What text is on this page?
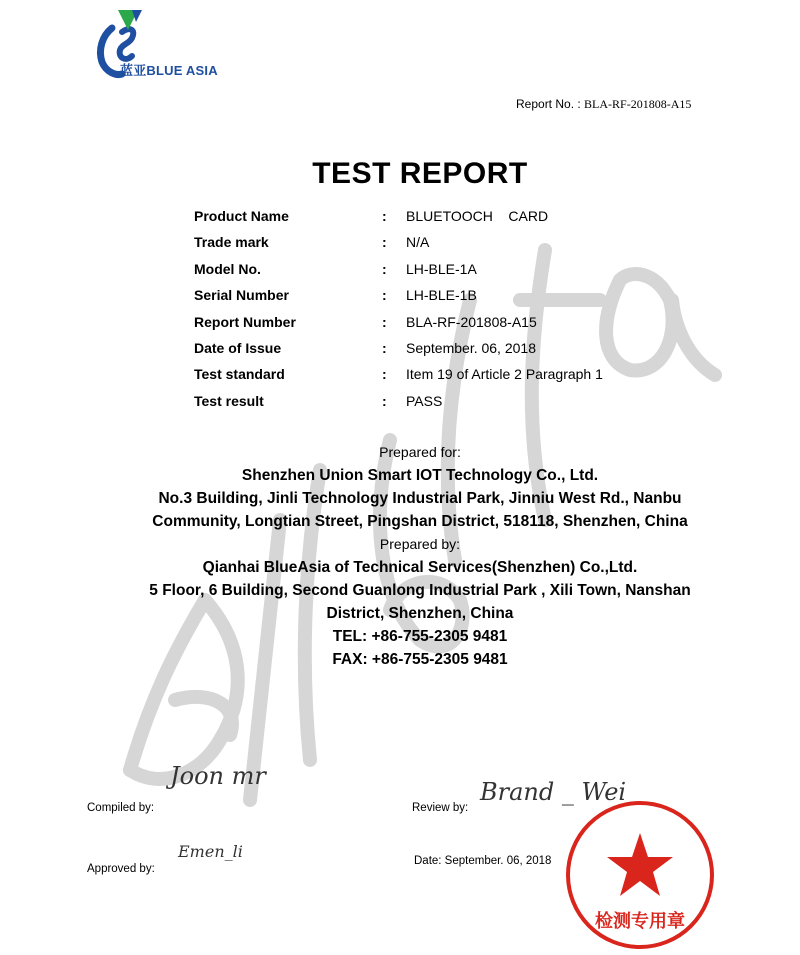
蓝亚BLUE ASIA
Report No. : BLA-RF-201808-A15
TEST REPORT
Product Name	: BLUETOOCH    CARD
Trade mark	: N/A
Model No.	: LH-BLE-1A
Serial Number	: LH-BLE-1B
Report Number	: BLA-RF-201808-A15
Date of Issue	: September. 06, 2018
Test standard	: Item 19 of Article 2 Paragraph 1
Test result	: PASS
Prepared for:
Shenzhen Union Smart IOT Technology Co., Ltd.
No.3 Building, Jinli Technology Industrial Park, Jinniu West Rd., Nanbu
Community, Longtian Street, Pingshan District, 518118, Shenzhen, China
Prepared by:
Qianhai BlueAsia of Technical Services(Shenzhen) Co.,Ltd.
5 Floor, 6 Building, Second Guanlong Industrial Park , Xili Town, Nanshan
District, Shenzhen, China
TEL: +86-755-2305 9481
FAX: +86-755-2305 9481
Compiled by:
Joon mr
Review by:
Brand _ Wei
Approved by:
Emen_li	Date: September. 06, 2018
检测专用章
